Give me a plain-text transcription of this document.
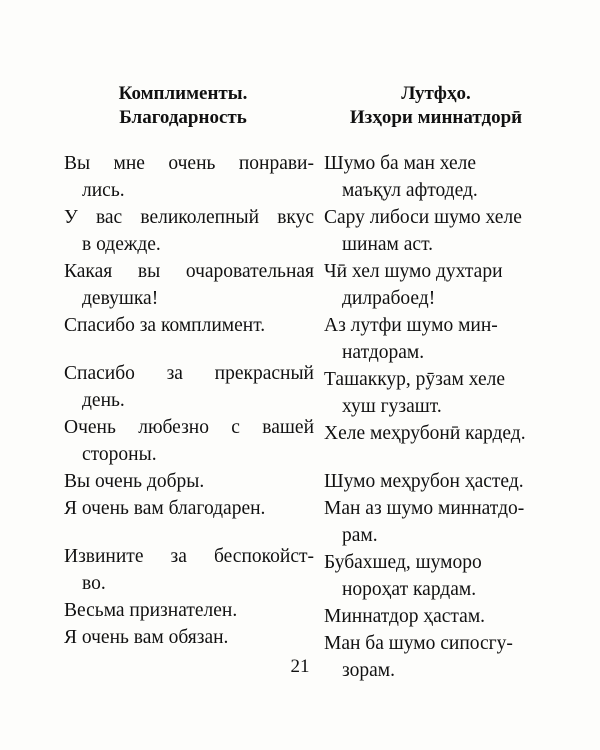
Комплименты.
Благодарность

Вы мне очень понрави-
лись.

У вас великолепный вкус
в одежде.

Какая вы очаровательная
девушка!

Спасибо за комплимент.

Спасибо за прекрасный
день.

Очень любезно с вашей
стороны.

Вы очень добры.

Я очень вам благодарен.

Извините за беспокойст-
во.

Весьма признателен.

Я очень вам обязан.

Лутфҳо.
Изҳори миннатдорӣ

Шумо ба ман хеле
маъқул афтодед.

Сару либоси шумо хеле
шинам аст.

Чӣ хел шумо духтари
дилрабоед!

Аз лутфи шумо мин-
натдорам.

Ташаккур, рӯзам хеле
хуш гузашт.

Хеле меҳрубонӣ кардед.

Шумо меҳрубон ҳастед.

Ман аз шумо миннатдо-
рам.

Бубахшед, шуморо
нороҳат кардам.

Миннатдор ҳастам.

Ман ба шумо сипосгу-
зорам.

21
